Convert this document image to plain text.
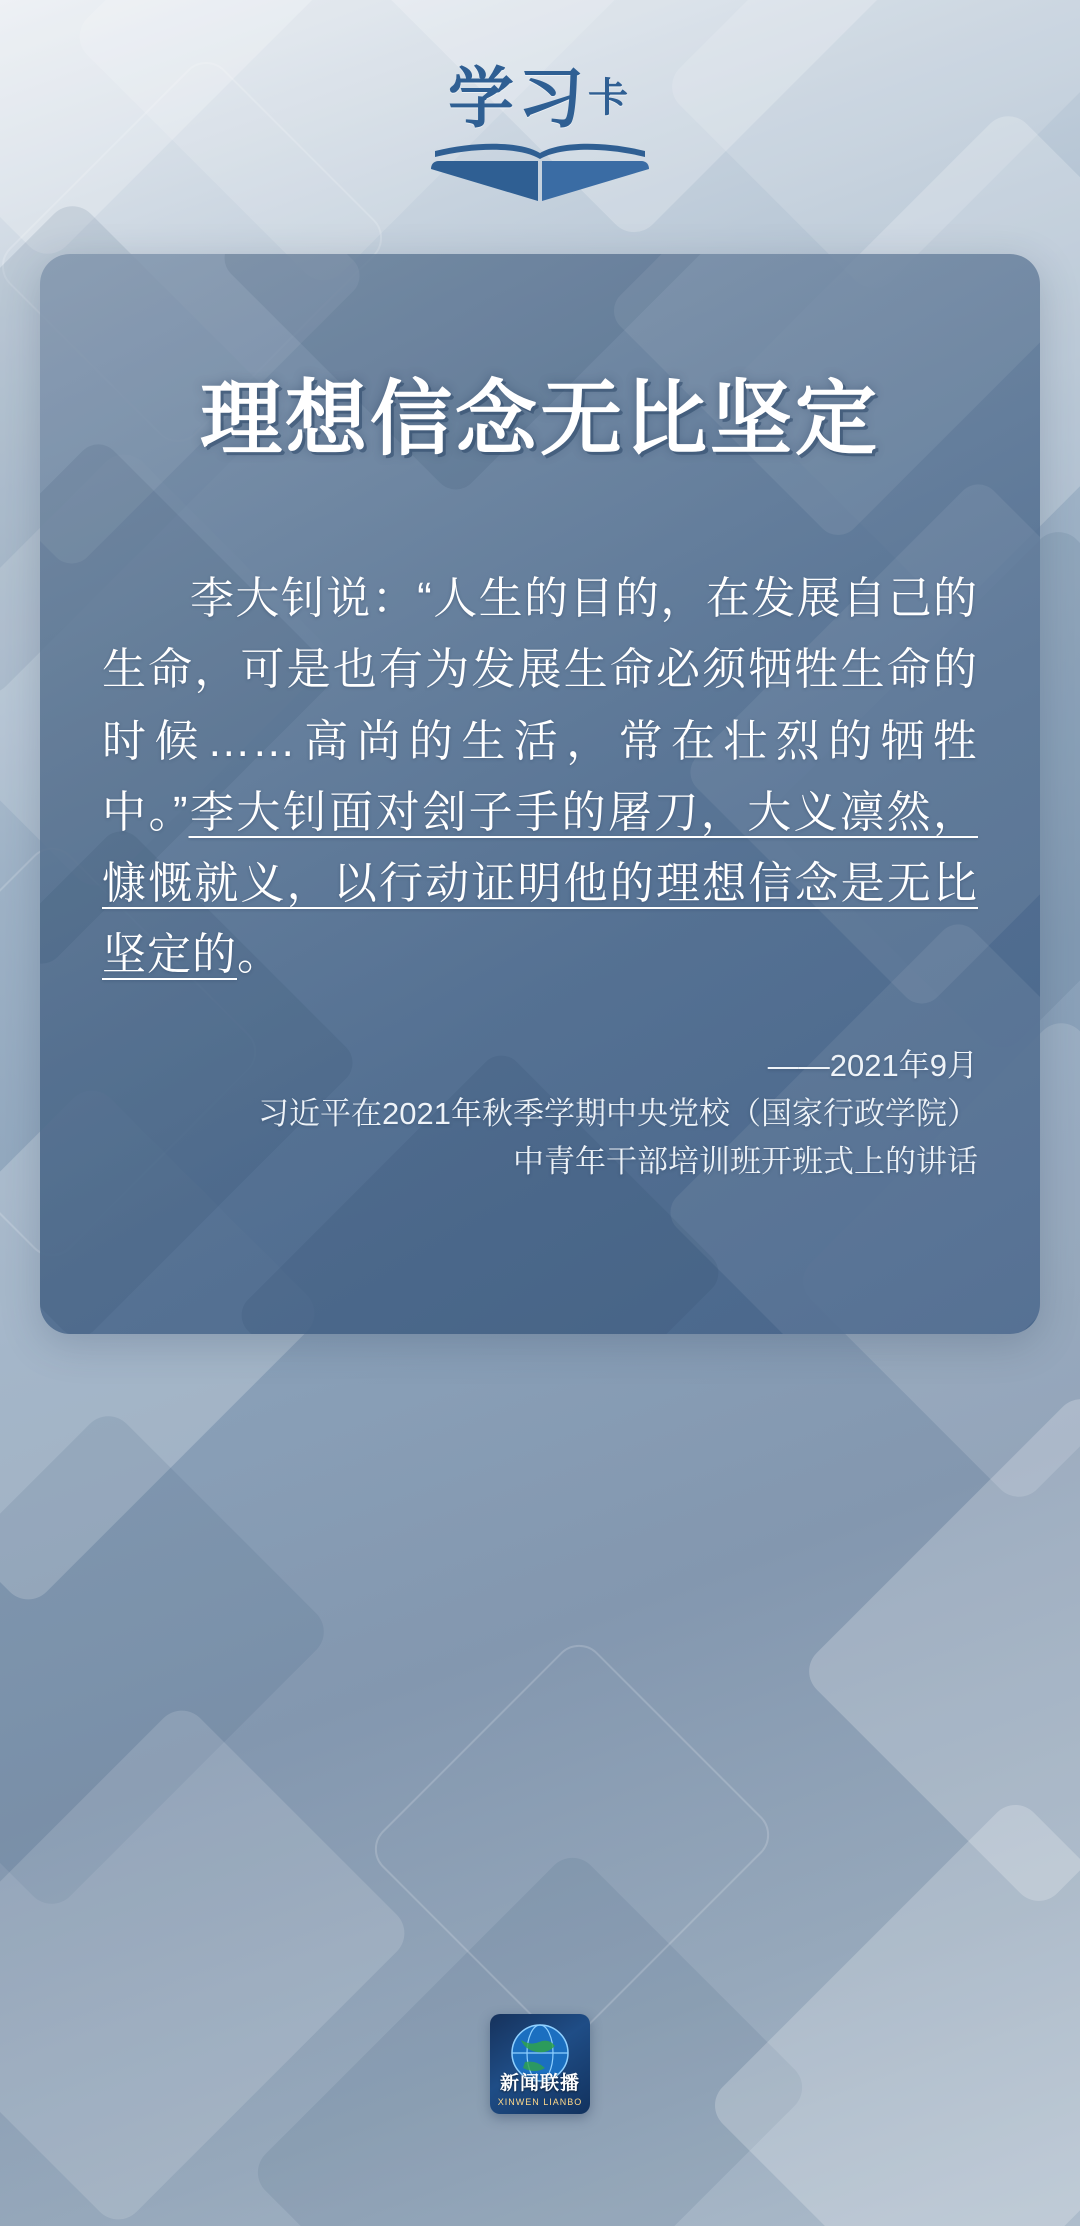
学习卡
理想信念无比坚定

李大钊说：“人生的目的，在发展自己的生命，可是也有为发展生命必须牺牲生命的时候……高尚的生活，常在壮烈的牺牲中。”李大钊面对刽子手的屠刀，大义凛然，慷慨就义，以行动证明他的理想信念是无比坚定的。

——2021年9月
习近平在2021年秋季学期中央党校（国家行政学院）
中青年干部培训班开班式上的讲话
新闻联播
XINWEN LIANBO
